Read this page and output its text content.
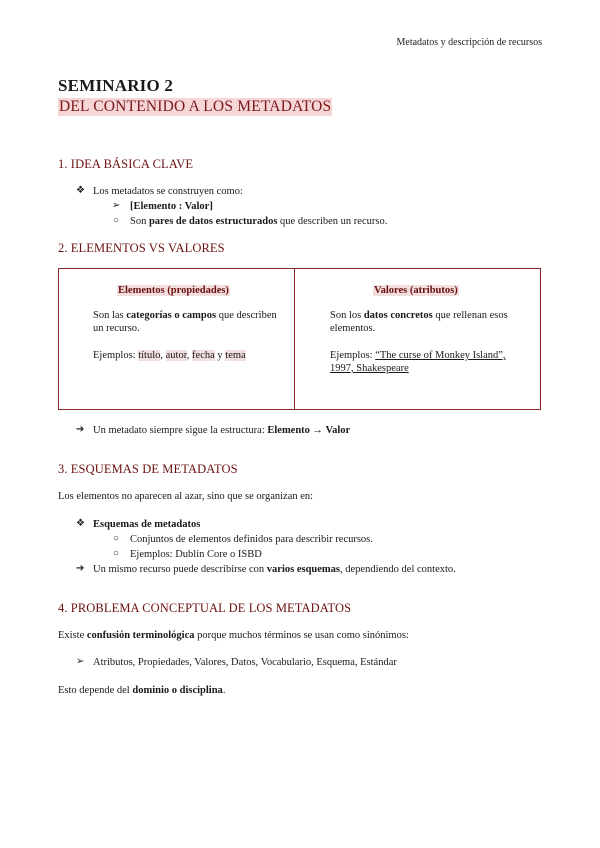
Metadatos y descripción de recursos
SEMINARIO 2
DEL CONTENIDO A LOS METADATOS
1. IDEA BÁSICA CLAVE
❖ Los metadatos se construyen como:
➢ [Elemento : Valor]
○ Son pares de datos estructurados que describen un recurso.
2. ELEMENTOS VS VALORES
Elementos (propiedades)
Son las categorías o campos que describen
un recurso.
Ejemplos: título, autor, fecha y tema
Valores (atributos)
Son los datos concretos que rellenan esos
elementos.
Ejemplos: “The curse of Monkey Island”,
1997, Shakespeare
➔ Un metadato siempre sigue la estructura: Elemento → Valor
3. ESQUEMAS DE METADATOS
Los elementos no aparecen al azar, sino que se organizan en:
❖ Esquemas de metadatos
○ Conjuntos de elementos definidos para describir recursos.
○ Ejemplos: Dublin Core o ISBD
➔ Un mismo recurso puede describirse con varios esquemas, dependiendo del contexto.
4. PROBLEMA CONCEPTUAL DE LOS METADATOS
Existe confusión terminológica porque muchos términos se usan como sinónimos:
➢ Atributos, Propiedades, Valores, Datos, Vocabulario, Esquema, Estándar
Esto depende del dominio o disciplina.
